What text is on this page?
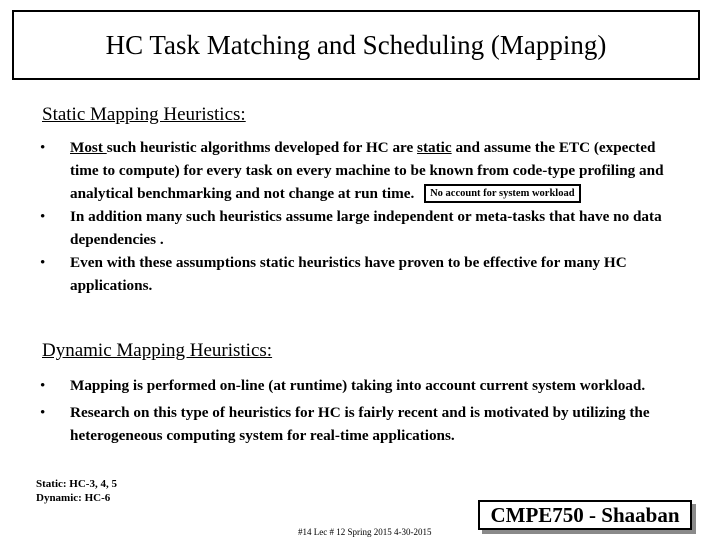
HC Task Matching and Scheduling (Mapping)
Static Mapping Heuristics:
• Most such heuristic algorithms developed for HC are static and assume the ETC (expected time to compute) for every task on every machine to be known from code-type profiling and analytical benchmarking and not change at run time. No account for system workload
• In addition many such heuristics assume large independent or meta-tasks that have no data dependencies .
• Even with these assumptions static heuristics have proven to be effective for many HC applications.
Dynamic Mapping Heuristics:
• Mapping is performed on-line (at runtime) taking into account current system workload.
• Research on this type of heuristics for HC is fairly recent and is motivated by utilizing the heterogeneous computing system for real-time applications.
Static: HC-3, 4, 5
Dynamic: HC-6
#14 Lec # 12 Spring 2015 4-30-2015
CMPE750 - Shaaban
